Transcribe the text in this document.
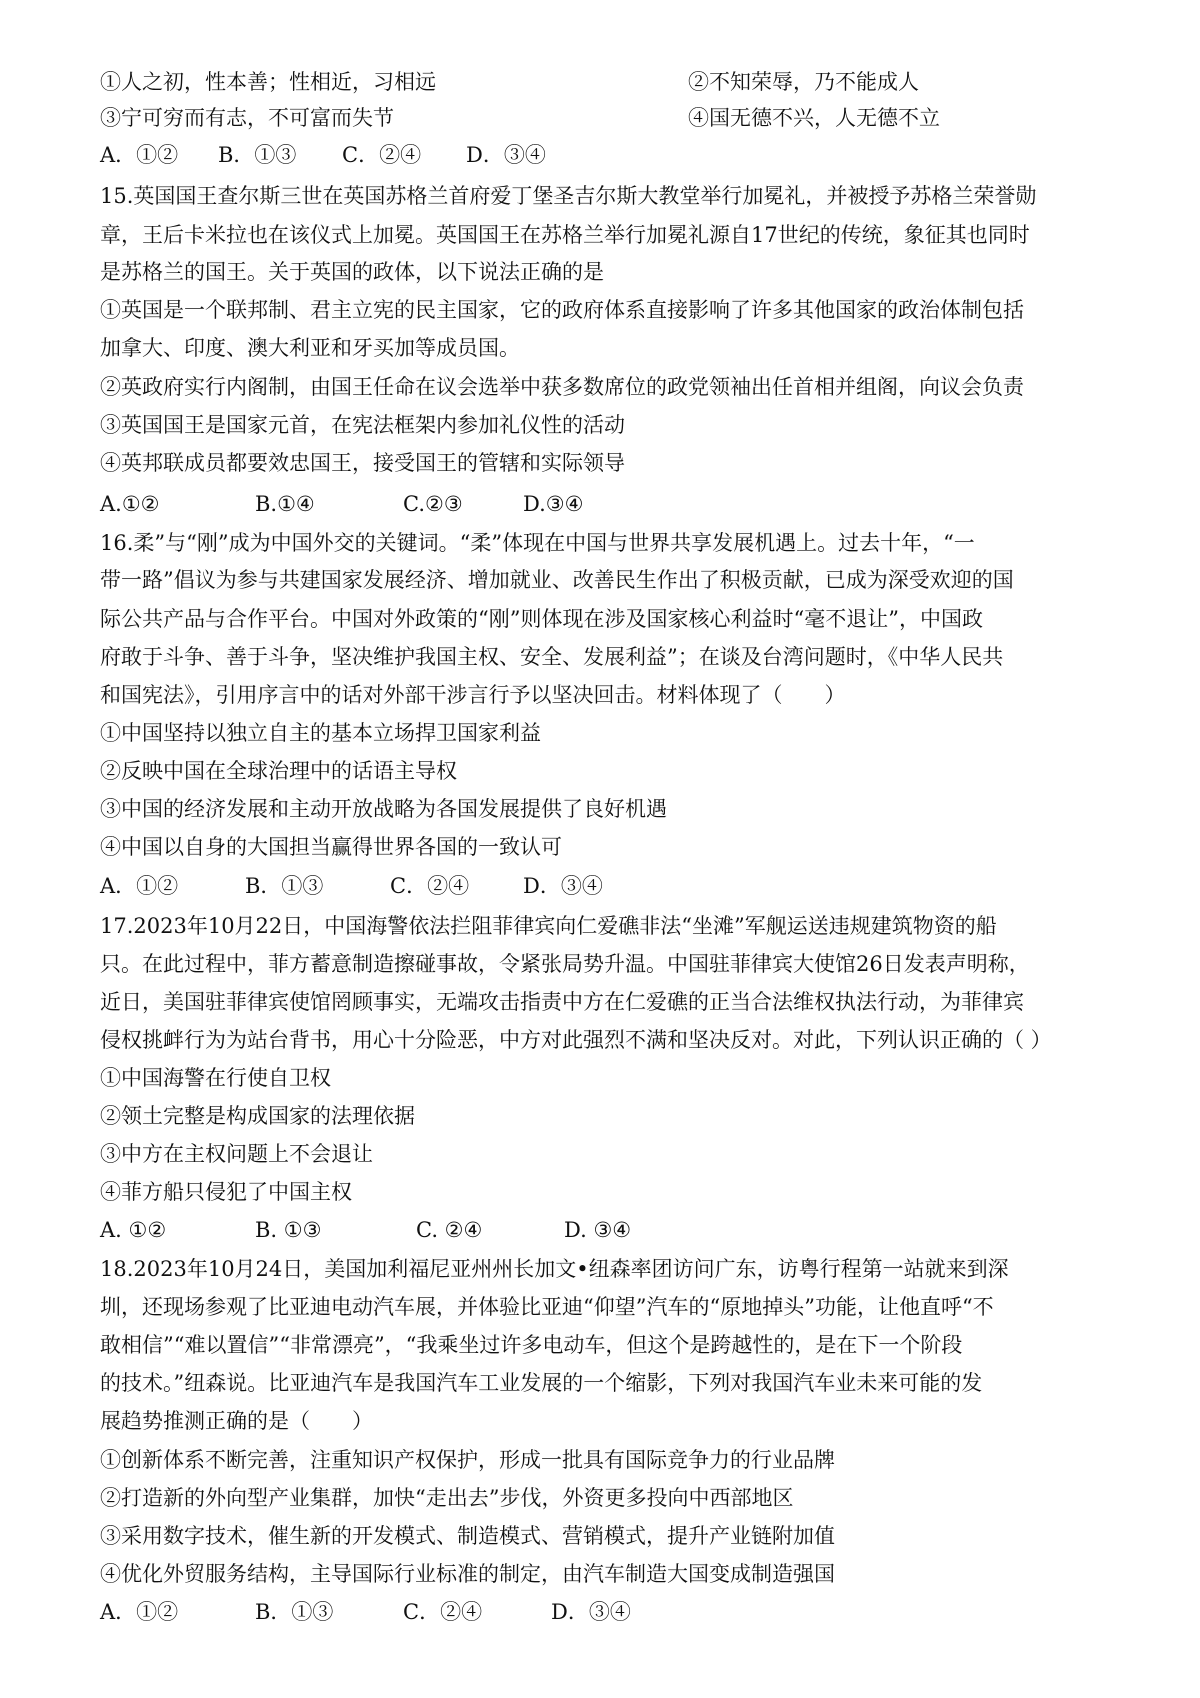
①人之初，性本善；性相近，习相远	②不知荣辱，乃不能成人
③宁可穷而有志，不可富而失节	④国无德不兴，人无德不立
A．①②	B．①③	C．②④	D．③④
15.英国国王查尔斯三世在英国苏格兰首府爱丁堡圣吉尔斯大教堂举行加冕礼，并被授予苏格兰荣誉勋
章，王后卡米拉也在该仪式上加冕。英国国王在苏格兰举行加冕礼源自17世纪的传统，象征其也同时
是苏格兰的国王。关于英国的政体，以下说法正确的是
①英国是一个联邦制、君主立宪的民主国家，它的政府体系直接影响了许多其他国家的政治体制包括
加拿大、印度、澳大利亚和牙买加等成员国。
②英政府实行内阁制，由国王任命在议会选举中获多数席位的政党领袖出任首相并组阁，向议会负责
③英国国王是国家元首，在宪法框架内参加礼仪性的活动
④英邦联成员都要效忠国王，接受国王的管辖和实际领导
A.①②	B.①④	C.②③	D.③④
16.柔”与“刚”成为中国外交的关键词。“柔”体现在中国与世界共享发展机遇上。过去十年，“一
带一路”倡议为参与共建国家发展经济、增加就业、改善民生作出了积极贡献，已成为深受欢迎的国
际公共产品与合作平台。中国对外政策的“刚”则体现在涉及国家核心利益时“毫不退让”，中国政
府敢于斗争、善于斗争，坚决维护我国主权、安全、发展利益”；在谈及台湾问题时，《中华人民共
和国宪法》，引用序言中的话对外部干涉言行予以坚决回击。材料体现了（　　）
①中国坚持以独立自主的基本立场捍卫国家利益
②反映中国在全球治理中的话语主导权
③中国的经济发展和主动开放战略为各国发展提供了良好机遇
④中国以自身的大国担当赢得世界各国的一致认可
A．①②	B．①③	C．②④	D．③④
17.2023年10月22日，中国海警依法拦阻菲律宾向仁爱礁非法“坐滩”军舰运送违规建筑物资的船
只。在此过程中，菲方蓄意制造擦碰事故，令紧张局势升温。中国驻菲律宾大使馆26日发表声明称，
近日，美国驻菲律宾使馆罔顾事实，无端攻击指责中方在仁爱礁的正当合法维权执法行动，为菲律宾
侵权挑衅行为为站台背书，用心十分险恶，中方对此强烈不满和坚决反对。对此，下列认识正确的（ ）
①中国海警在行使自卫权
②领土完整是构成国家的法理依据
③中方在主权问题上不会退让
④菲方船只侵犯了中国主权
A. ①②	B. ①③	C. ②④	D. ③④
18.2023年10月24日，美国加利福尼亚州州长加文•纽森率团访问广东，访粤行程第一站就来到深
圳，还现场参观了比亚迪电动汽车展，并体验比亚迪“仰望”汽车的“原地掉头”功能，让他直呼“不
敢相信”“难以置信”“非常漂亮”，“我乘坐过许多电动车，但这个是跨越性的，是在下一个阶段
的技术。”纽森说。比亚迪汽车是我国汽车工业发展的一个缩影，下列对我国汽车业未来可能的发
展趋势推测正确的是（　　）
①创新体系不断完善，注重知识产权保护，形成一批具有国际竞争力的行业品牌
②打造新的外向型产业集群，加快“走出去”步伐，外资更多投向中西部地区
③采用数字技术，催生新的开发模式、制造模式、营销模式，提升产业链附加值
④优化外贸服务结构，主导国际行业标准的制定，由汽车制造大国变成制造强国
A．①②	B．①③	C．②④	D．③④
